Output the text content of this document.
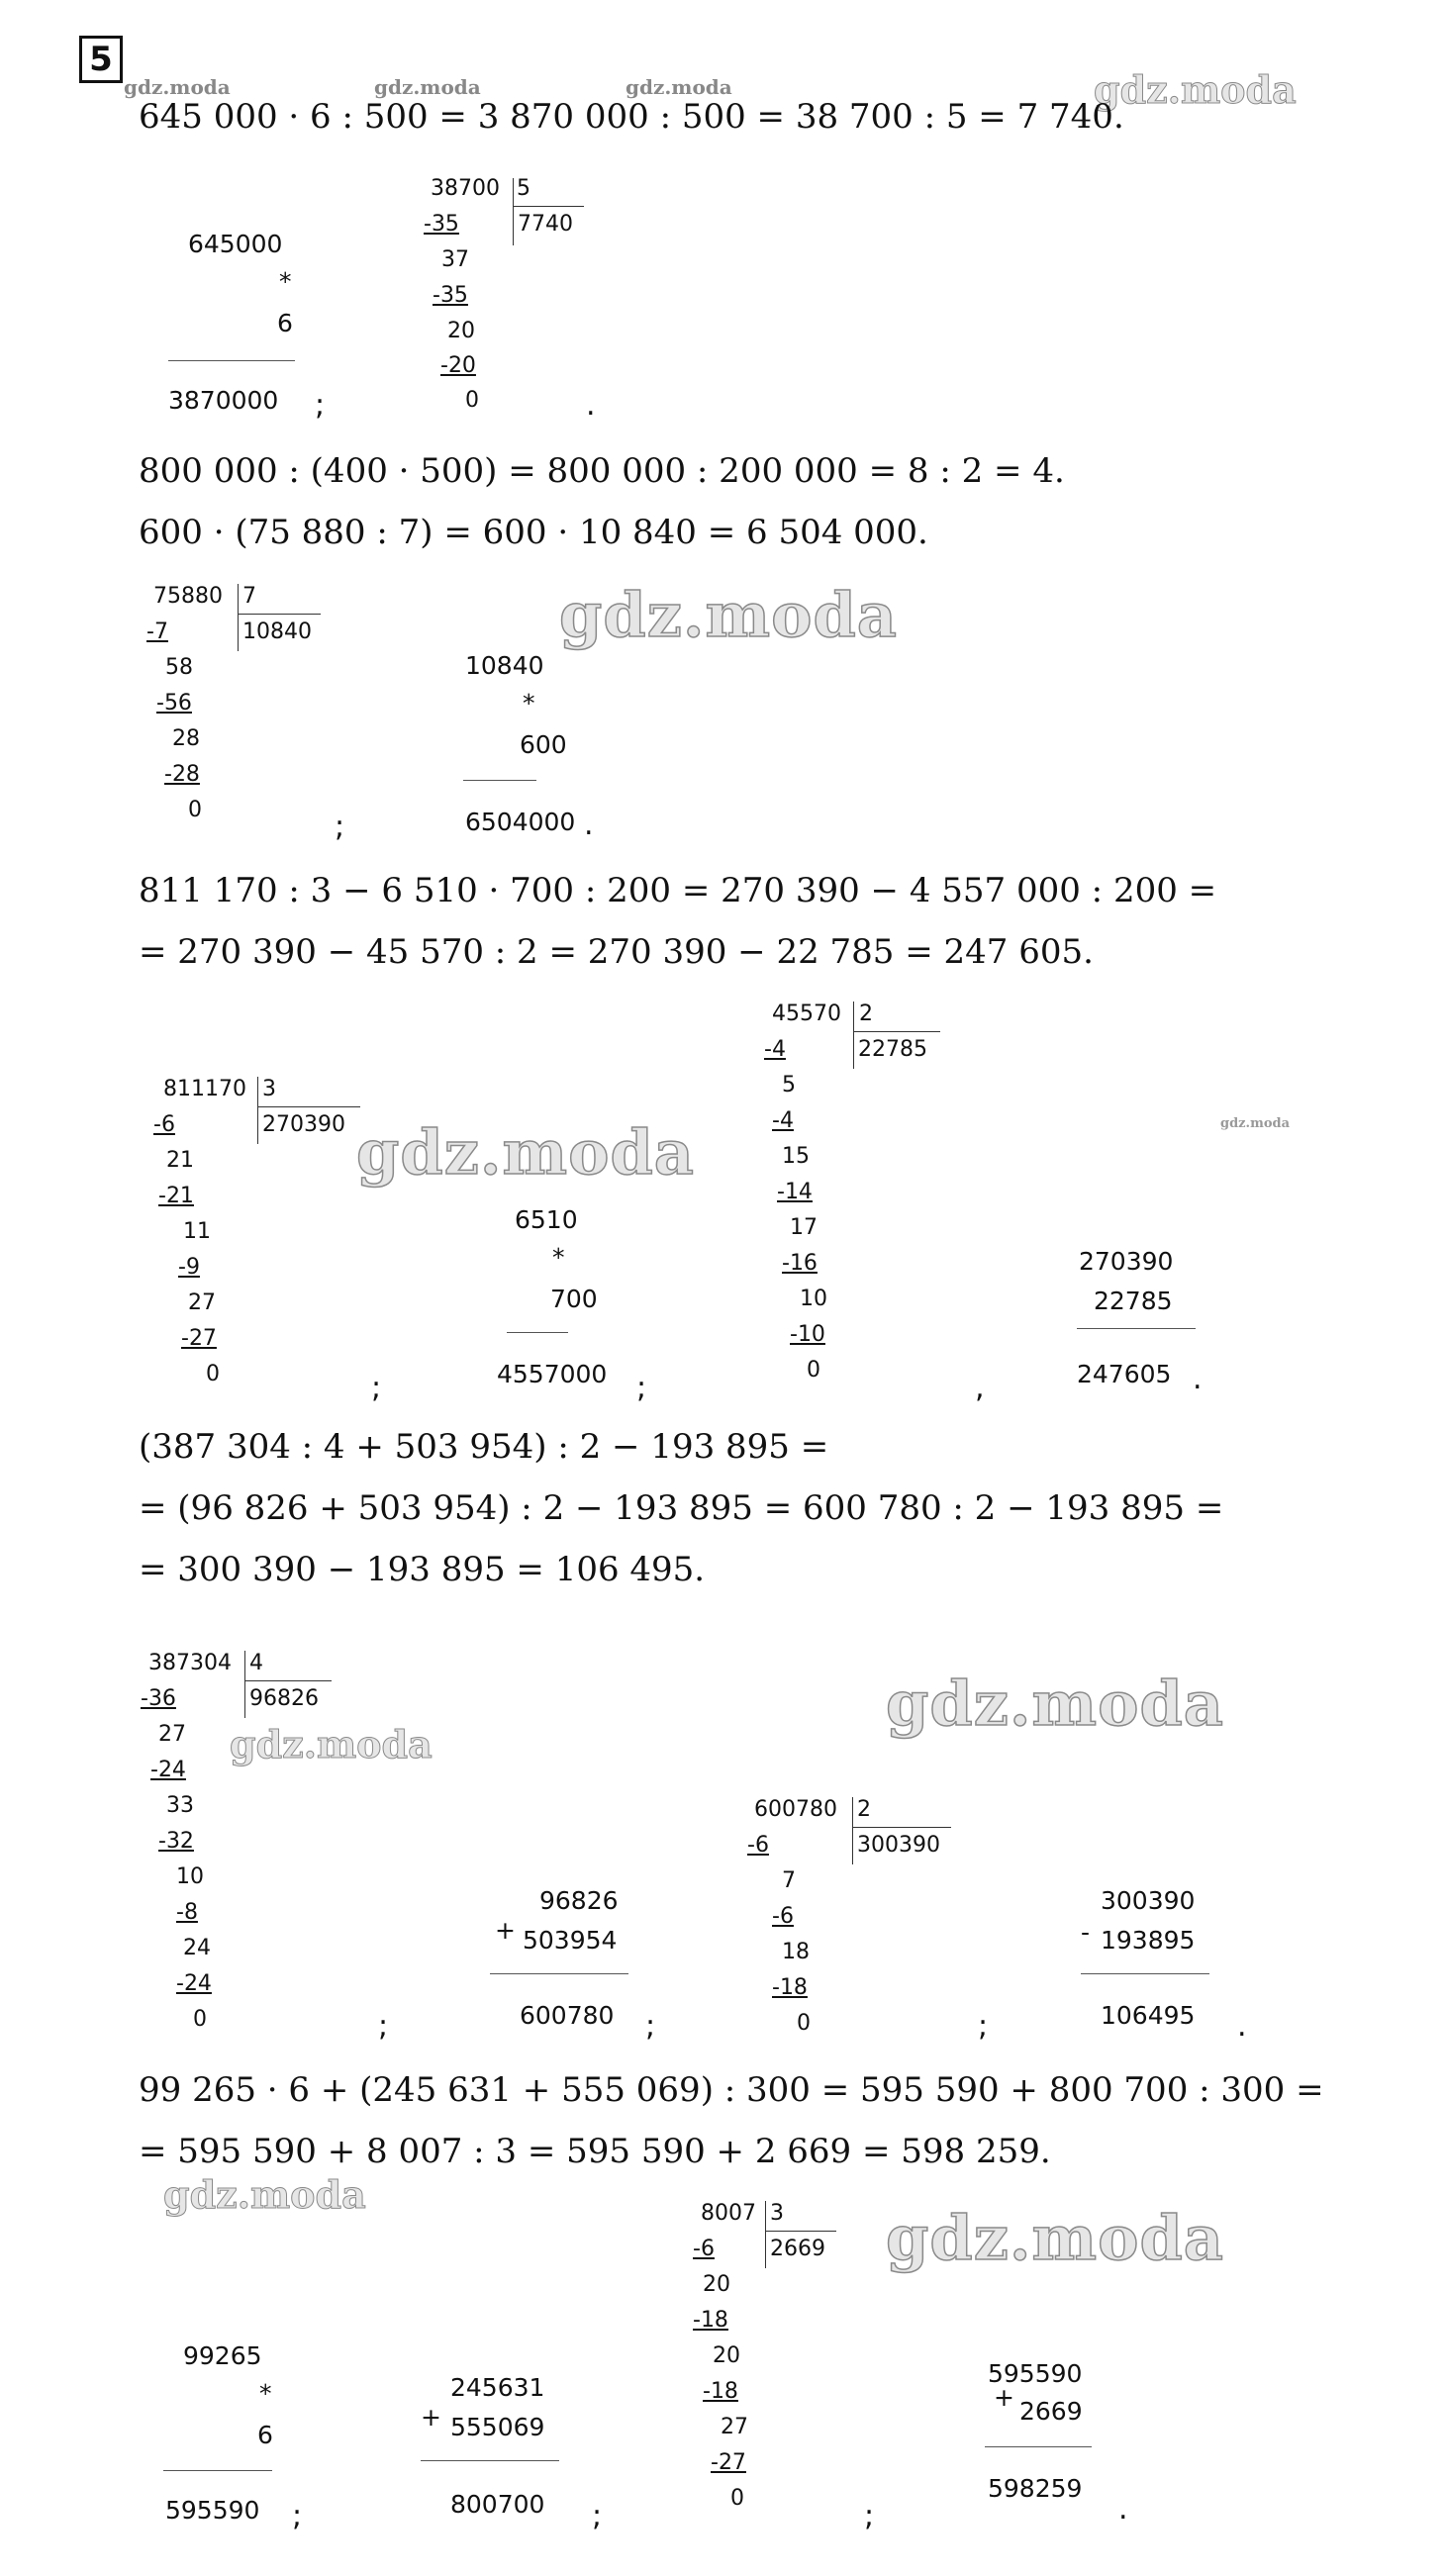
5
gdz.moda	gdz.moda	gdz.moda	gdz.moda
gdz.moda
gdz.moda
gdz.moda
gdz.moda
gdz.moda
gdz.moda
gdz.moda
645 000 · 6 : 500 = 3 870 000 : 500 = 38 700 : 5 = 7 740.
645000
*
6
3870000 ;
38700 5
7740
-35
37
-35
20
-20
0	.
800 000 : (400 · 500) = 800 000 : 200 000 = 8 : 2 = 4.
600 · (75 880 : 7) = 600 · 10 840 = 6 504 000.
75880 7
10840
-7
58
-56
28
-28
0	;
10840
*
600
6504000 .
811 170 : 3 − 6 510 · 700 : 200 = 270 390 − 4 557 000 : 200 =
= 270 390 − 45 570 : 2 = 270 390 − 22 785 = 247 605.
45570 2
22785
-4
5
-4
15
-14
17
-16
10
-10
0
,
811170 3
270390
-6
21
-21
11
-9
27
-27
0	;
6510
*
700
4557000 ;
270390
22785
247605 .
(387 304 : 4 + 503 954) : 2 − 193 895 =
= (96 826 + 503 954) : 2 − 193 895 = 600 780 : 2 − 193 895 =
= 300 390 − 193 895 = 106 495.
387304 4
96826
-36
27
-24
33
-32
10
-8
24
-24
0	;
+
96826
503954
600780 ;
600780 2
300390
-6
7
-6
18
-18
0	;
-
300390
193895
106495 .
99 265 · 6 + (245 631 + 555 069) : 300 = 595 590 + 800 700 : 300 =
= 595 590 + 8 007 : 3 = 595 590 + 2 669 = 598 259.
8007 3
2669
-6
20
-18
20
-18
27
-27
0
;
99265
*
6
595590 ;
+
245631
555069
800700 ;
595590
+ 2669
598259
.
